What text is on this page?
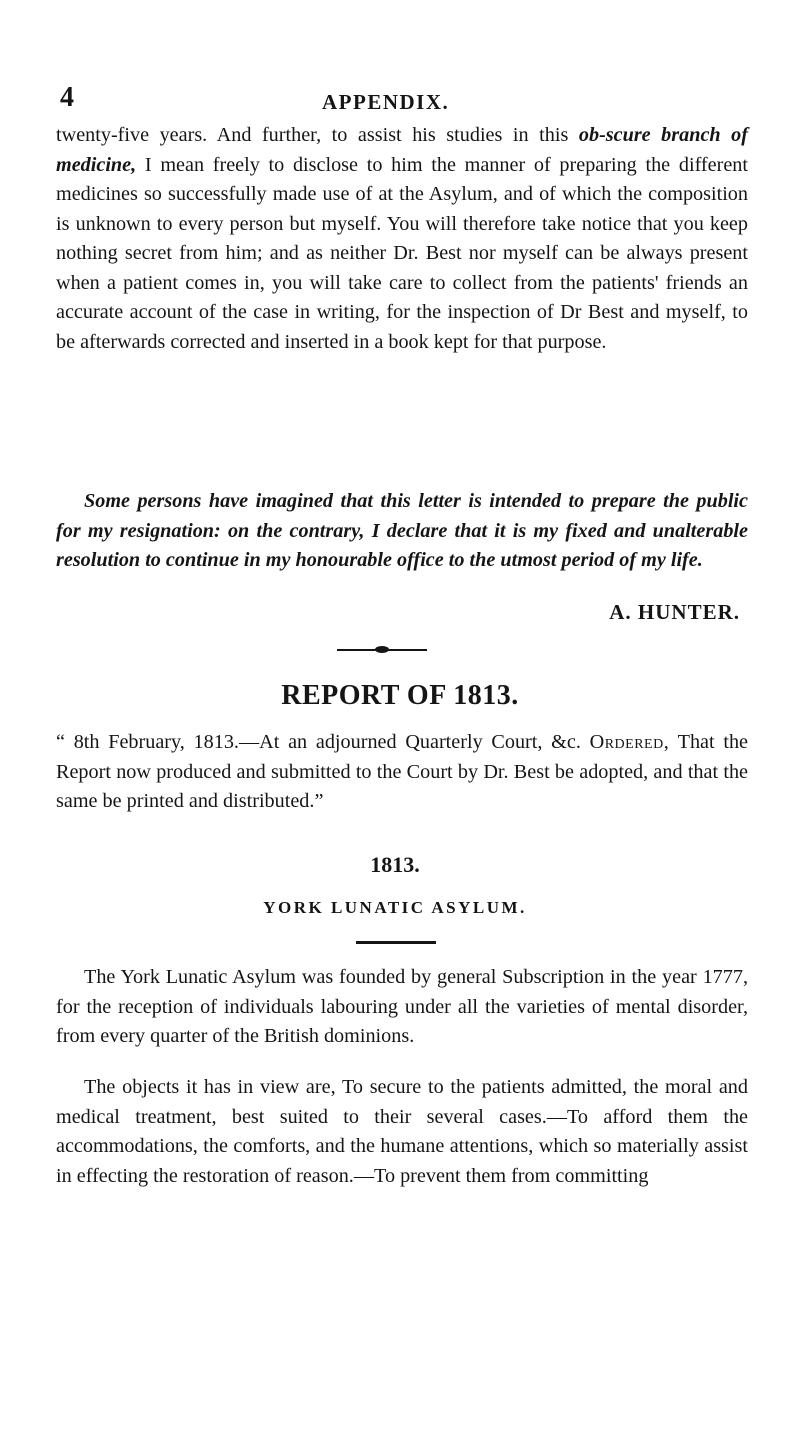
4	APPENDIX.
twenty-five years. And further, to assist his studies in this ob-scure branch of medicine, I mean freely to disclose to him the manner of preparing the different medicines so successfully made use of at the Asylum, and of which the composition is unknown to every person but myself. You will therefore take notice that you keep nothing secret from him; and as neither Dr. Best nor myself can be always present when a patient comes in, you will take care to collect from the patients' friends an accurate account of the case in writing, for the inspection of Dr Best and myself, to be afterwards corrected and inserted in a book kept for that purpose.
Some persons have imagined that this letter is intended to prepare the public for my resignation: on the contrary, I declare that it is my fixed and unalterable resolution to continue in my honourable office to the utmost period of my life.
A. HUNTER.
REPORT OF 1813.
“ 8th February, 1813.—At an adjourned Quarterly Court, &c. Ordered, That the Report now produced and submitted to the Court by Dr. Best be adopted, and that the same be printed and distributed.”
1813.
YORK LUNATIC ASYLUM.
The York Lunatic Asylum was founded by general Subscription in the year 1777, for the reception of individuals labouring under all the varieties of mental disorder, from every quarter of the British dominions.
The objects it has in view are, To secure to the patients admitted, the moral and medical treatment, best suited to their several cases.—To afford them the accommodations, the comforts, and the humane attentions, which so materially assist in effecting the restoration of reason.—To prevent them from committing
